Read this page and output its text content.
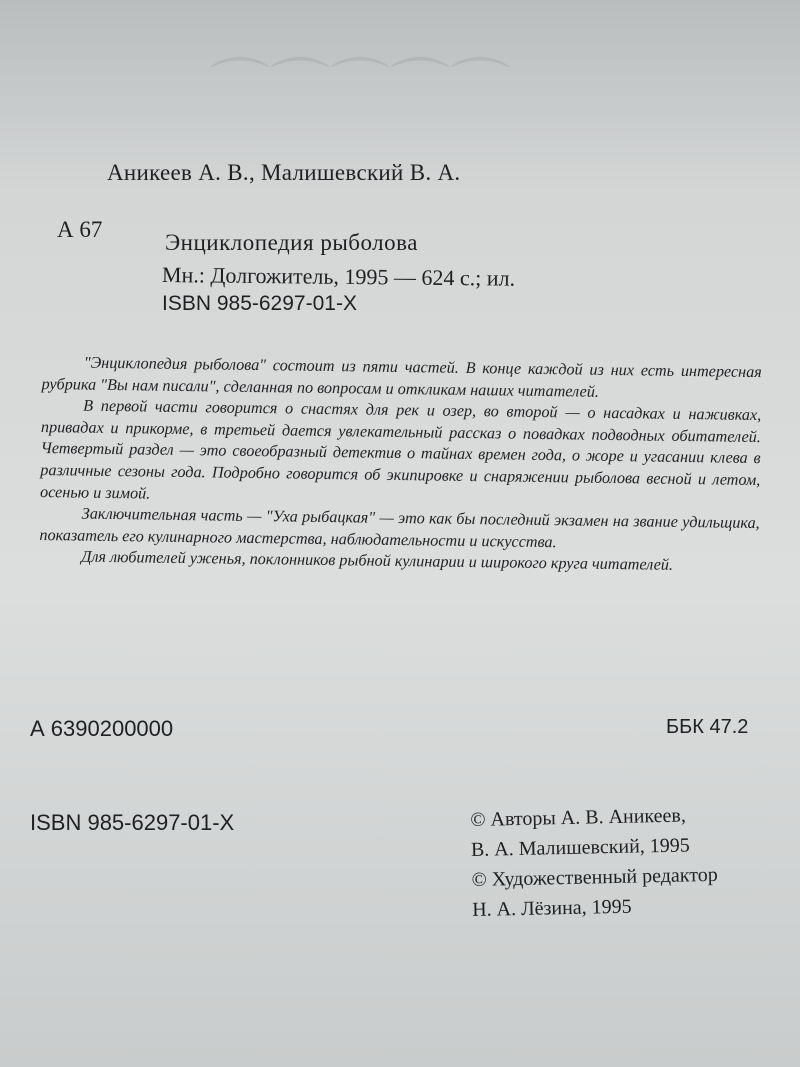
⌒⌒⌒⌒⌒
Аникеев А. В., Малишевский В. А.
А 67
Энциклопедия рыболова
Мн.: Долгожитель, 1995 — 624 с.; ил.
ISBN 985-6297-01-X

"Энциклопедия рыболова" состоит из пяти частей. В конце каждой из них есть интересная рубрика "Вы нам писали", сделанная по вопросам и откликам наших читателей.

В первой части говорится о снастях для рек и озер, во второй — о насадках и наживках, привадах и прикорме, в третьей дается увлекательный рассказ о повадках подводных обитателей. Четвертый раздел — это своеобразный детектив о тайнах времен года, о жоре и угасании клева в различные сезоны года. Подробно говорится об экипировке и снаряжении рыболова весной и летом, осенью и зимой.

Заключительная часть — "Уха рыбацкая" — это как бы последний экзамен на звание удильщика, показатель его кулинарного мастерства, наблюдательности и искусства.

Для любителей уженья, поклонников рыбной кулинарии и широкого круга читателей.

А 6390200000	ББК 47.2
ISBN 985-6297-01-X	© Авторы А. В. Аникеев,
В. А. Малишевский, 1995
© Художественный редактор
Н. А. Лёзина, 1995
